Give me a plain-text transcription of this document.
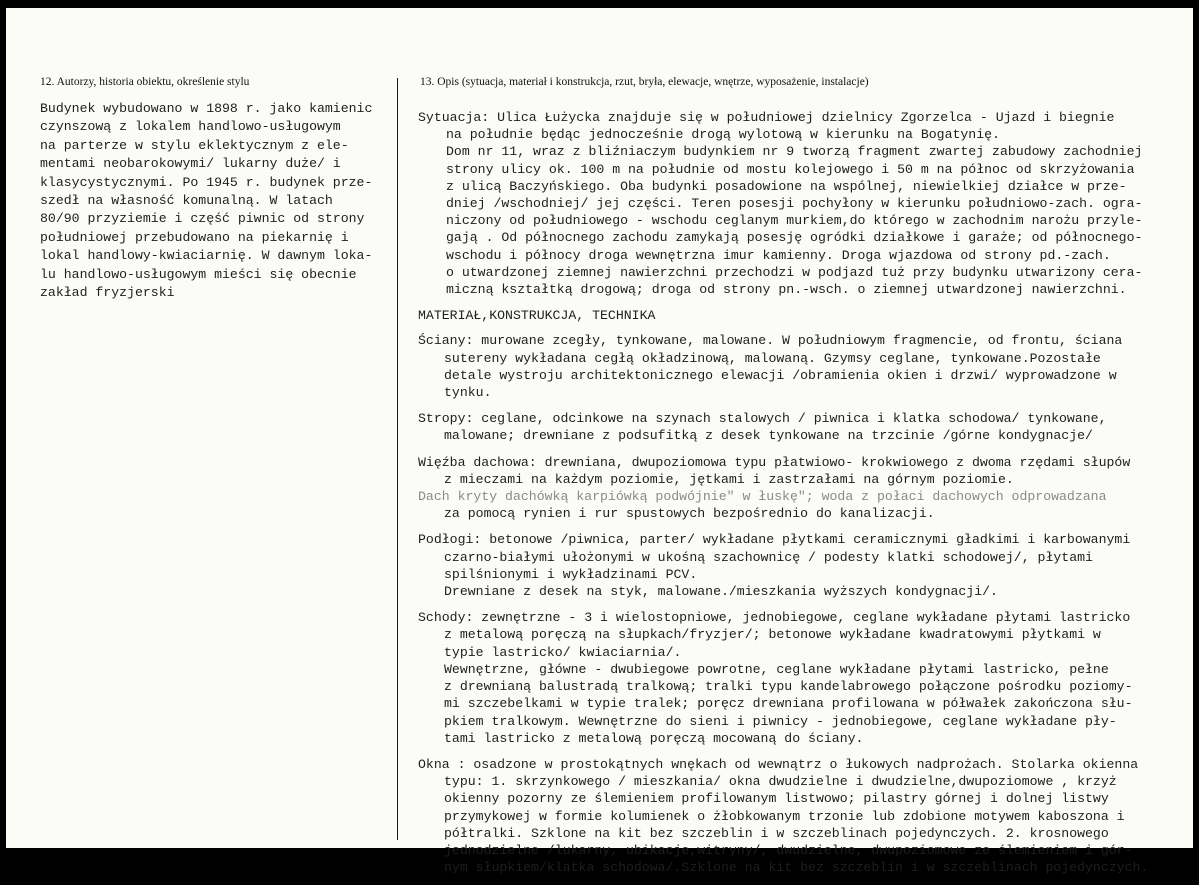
12. Autorzy, historia obiektu, określenie stylu	13. Opis (sytuacja, materiał i konstrukcja, rzut, bryła, elewacje, wnętrze, wyposażenie, instalacje)
Budynek wybudowano w 1898 r. jako kamienic
czynszową z lokalem handlowo-usługowym
na parterze w stylu eklektycznym z ele-
mentami neobarokowymi/ lukarny duże/ i
klasycystycznymi. Po 1945 r. budynek prze-
szedł na własność komunalną. W latach
80/90 przyziemie i część piwnic od strony
południowej przebudowano na piekarnię i
lokal handlowy-kwiaciarnię. W dawnym loka-
lu handlowo-usługowym mieści się obecnie
zakład fryzjerski
Sytuacja: Ulica Łużycka znajduje się w południowej dzielnicy Zgorzelca - Ujazd i biegnie
na południe będąc jednocześnie drogą wylotową w kierunku na Bogatynię.
Dom nr 11, wraz z bliźniaczym budynkiem nr 9 tworzą fragment zwartej zabudowy zachodniej
strony ulicy ok. 100 m na południe od mostu kolejowego i 50 m na północ od skrzyżowania
z ulicą Baczyńskiego. Oba budynki posadowione na wspólnej, niewielkiej działce w prze-
dniej /wschodniej/ jej części. Teren posesji pochyłony w kierunku południowo-zach. ogra-
niczony od południowego - wschodu ceglanym murkiem,do którego w zachodnim narożu przyle-
gają . Od północnego zachodu zamykają posesję ogródki działkowe i garaże; od północnego-
wschodu i północy droga wewnętrzna imur kamienny. Droga wjazdowa od strony pd.-zach.
o utwardzonej ziemnej nawierzchni przechodzi w podjazd tuż przy budynku utwarizony cera-
miczną kształtką drogową; droga od strony pn.-wsch. o ziemnej utwardzonej nawierzchni.
MATERIAŁ,KONSTRUKCJA, TECHNIKA
Ściany: murowane zcegły, tynkowane, malowane. W południowym fragmencie, od frontu, ściana
sutereny wykładana cegłą okładzinową, malowaną. Gzymsy ceglane, tynkowane.Pozostałe
detale wystroju architektonicznego elewacji /obramienia okien i drzwi/ wyprowadzone w
tynku.
Stropy: ceglane, odcinkowe na szynach stalowych / piwnica i klatka schodowa/ tynkowane,
malowane; drewniane z podsufitką z desek tynkowane na trzcinie /górne kondygnacje/
Więźba dachowa: drewniana, dwupoziomowa typu płatwiowo- krokwiowego z dwoma rzędami słupów
z mieczami na każdym poziomie, jętkami i zastrzałami na górnym poziomie.
Dach kryty dachówką karpiówką podwójnie" w łuskę"; woda z połaci dachowych odprowadzana
za pomocą rynien i rur spustowych bezpośrednio do kanalizacji.
Podłogi: betonowe /piwnica, parter/ wykładane płytkami ceramicznymi gładkimi i karbowanymi
czarno-białymi ułożonymi w ukośną szachownicę / podesty klatki schodowej/, płytami
spilśnionymi i wykładzinami PCV.
Drewniane z desek na styk, malowane./mieszkania wyższych kondygnacji/.
Schody: zewnętrzne - 3 i wielostopniowe, jednobiegowe, ceglane wykładane płytami lastricko
z metalową poręczą na słupkach/fryzjer/; betonowe wykładane kwadratowymi płytkami w
typie lastricko/ kwiaciarnia/.
Wewnętrzne, główne - dwubiegowe powrotne, ceglane wykładane płytami lastricko, pełne
z drewnianą balustradą tralkową; tralki typu kandelabrowego połączone pośrodku poziomy-
mi szczebelkami w typie tralek; poręcz drewniana profilowana w półwałek zakończona słu-
pkiem tralkowym. Wewnętrzne do sieni i piwnicy - jednobiegowe, ceglane wykładane pły-
tami lastricko z metalową poręczą mocowaną do ściany.
Okna : osadzone w prostokątnych wnękach od wewnątrz o łukowych nadprożach. Stolarka okienna
typu: 1. skrzynkowego / mieszkania/ okna dwudzielne i dwudzielne,dwupoziomowe , krzyż
okienny pozorny ze ślemieniem profilowanym listwowo; pilastry górnej i dolnej listwy
przymykowej w formie kolumienek o żłobkowanym trzonie lub zdobione motywem kaboszona i
półtralki. Szklone na kit bez szczeblin i w szczeblinach pojedynczych. 2. krosnowego
jednodzielne /lukarny, ubikacje,witryny/, dwudzielne, dwupoziomowe ze ślemieniem i gór-
nym słupkiem/klatka schodowa/.Szklone na kit bez szczeblin i w szczeblinach pojedynczych.
